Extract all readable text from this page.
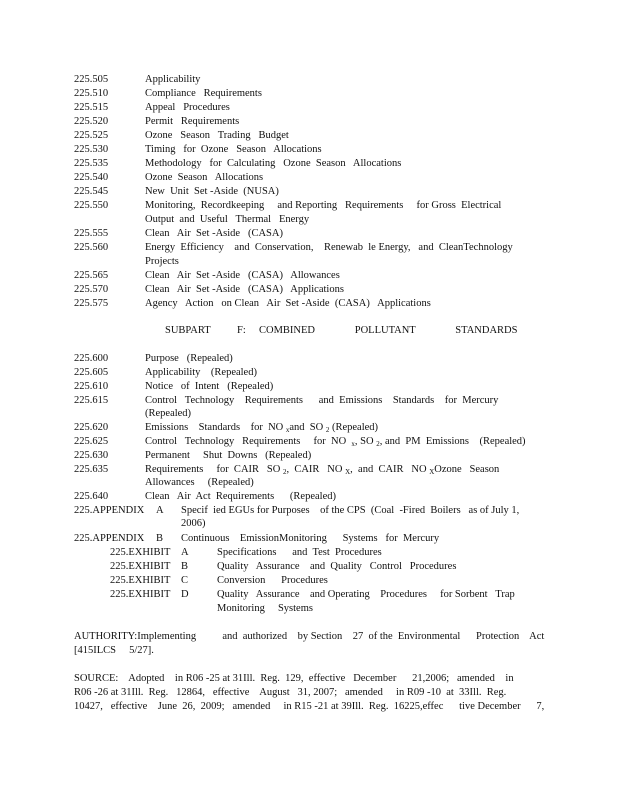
225.505	Applicability
225.510	Compliance   Requirements
225.515	Appeal   Procedures
225.520	Permit   Requirements
225.525	Ozone   Season   Trading   Budget
225.530	Timing   for  Ozone   Season   Allocations
225.535	Methodology   for  Calculating   Ozone  Season   Allocations
225.540	Ozone  Season   Allocations
225.545	New  Unit  Set -Aside  (NUSA)
225.550	Monitoring,  Recordkeeping     and Reporting   Requirements     for Gross  Electrical
Output  and  Useful   Thermal   Energy
225.555	Clean   Air  Set -Aside   (CASA)
225.560	Energy  Efficiency    and  Conservation,    Renewab  le Energy,   and  CleanTechnology
Projects
225.565	Clean   Air  Set -Aside   (CASA)   Allowances
225.570	Clean   Air  Set -Aside   (CASA)   Applications
225.575	Agency   Action   on Clean   Air  Set -Aside  (CASA)   Applications
SUBPART    F:  COMBINED      POLLUTANT      STANDARDS
225.600	Purpose   (Repealed)
225.605	Applicability    (Repealed)
225.610	Notice   of  Intent   (Repealed)
225.615	Control   Technology    Requirements      and  Emissions    Standards    for  Mercury
(Repealed)
225.620	Emissions    Standards    for  NO $_x$and  SO $_2$ (Repealed)
225.625	Control   Technology   Requirements     for  NO  $_x$, SO $_2$, and  PM  Emissions    (Repealed)
225.630	Permanent     Shut  Downs   (Repealed)
225.635	Requirements     for  CAIR   SO $_2$,  CAIR   NO $_X$,  and  CAIR   NO $_X$Ozone   Season
Allowances     (Repealed)
225.640	Clean   Air  Act  Requirements      (Repealed)
225.APPENDIX A Specif  ied EGUs for Purposes    of the CPS  (Coal  -Fired  Boilers   as of July 1,
2006)
225.APPENDIX B Continuous    EmissionMonitoring      Systems   for  Mercury
225.EXHIBIT A	Specifications      and  Test  Procedures
225.EXHIBIT B	Quality   Assurance    and  Quality   Control   Procedures
225.EXHIBIT C	Conversion      Procedures
225.EXHIBIT D	Quality   Assurance    and Operating    Procedures     for Sorbent   Trap
Monitoring     Systems
AUTHORITY:Implementing          and  authorized    by Section    27  of the  Environmental      Protection    Act
[415ILCS     5/27].
SOURCE:    Adopted    in R06 -25 at 31Ill.  Reg.  129,  effective   December      21,2006;   amended    in
R06 -26 at 31Ill.  Reg.   12864,   effective    August   31, 2007;   amended     in R09 -10  at  33Ill.  Reg.
10427,   effective    June  26,  2009;   amended     in R15 -21 at 39Ill.  Reg.  16225,effec      tive December      7,
